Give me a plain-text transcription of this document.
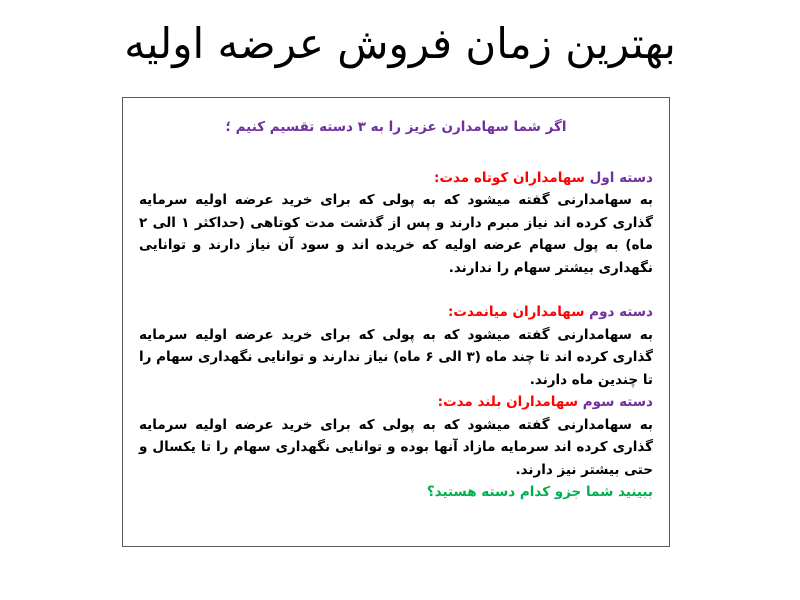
بهترین زمان فروش عرضه اولیه

اگر شما سهامدارن عزیز را به ۳ دسته تقسیم کنیم ؛

دسته اول سهامداران کوتاه مدت:

به سهامدارنی گفته میشود که به پولی که برای خرید عرضه اولیه سرمایه گذاری کرده اند نیاز مبرم دارند و پس از گذشت مدت کوتاهی (حداکثر ۱ الی ۲ ماه) به پول سهام عرضه اولیه که خریده اند و سود آن نیاز دارند و توانایی نگهداری بیشتر سهام را ندارند.

دسته دوم سهامداران میانمدت:

به سهامدارنی گفته میشود که به پولی که برای خرید عرضه اولیه سرمایه گذاری کرده اند تا چند ماه (۳ الی ۶ ماه) نیاز ندارند و توانایی نگهداری سهام را تا چندین ماه دارند.

دسته سوم سهامداران بلند مدت:

به سهامدارنی گفته میشود که به پولی که برای خرید عرضه اولیه سرمایه گذاری کرده اند سرمایه مازاد آنها بوده و توانایی نگهداری سهام را تا یکسال و حتی بیشتر نیز دارند.

ببینید شما جزو کدام دسته هستید؟
